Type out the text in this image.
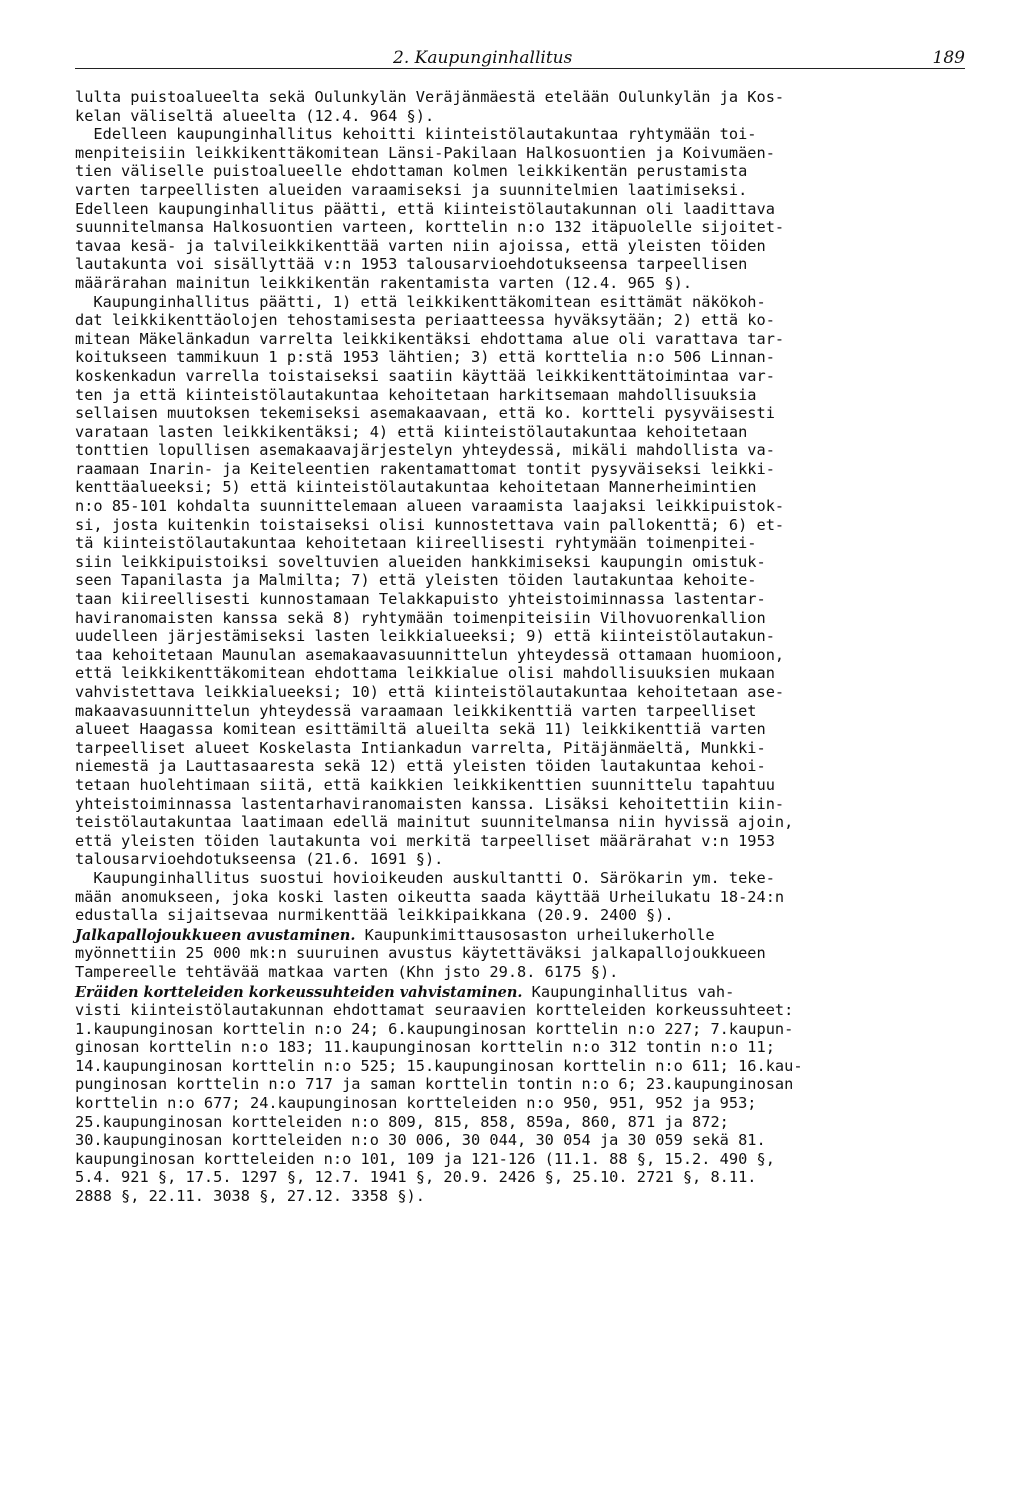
2. Kaupunginhallitus	189
lulta puistoalueelta sekä Oulunkylän Veräjänmäestä etelään Oulunkylän ja Kos-
kelan väliseltä alueelta (12.4. 964 §).
Edelleen kaupunginhallitus kehoitti kiinteistölautakuntaa ryhtymään toi-
menpiteisiin leikkikenttäkomitean Länsi-Pakilaan Halkosuontien ja Koivumäen-
tien väliselle puistoalueelle ehdottaman kolmen leikkikentän perustamista
varten tarpeellisten alueiden varaamiseksi ja suunnitelmien laatimiseksi.
Edelleen kaupunginhallitus päätti, että kiinteistölautakunnan oli laadittava
suunnitelmansa Halkosuontien varteen, korttelin n:o 132 itäpuolelle sijoitet-
tavaa kesä- ja talvileikkikenttää varten niin ajoissa, että yleisten töiden
lautakunta voi sisällyttää v:n 1953 talousarvioehdotukseensa tarpeellisen
määrärahan mainitun leikkikentän rakentamista varten (12.4. 965 §).
Kaupunginhallitus päätti, 1) että leikkikenttäkomitean esittämät näkökoh-
dat leikkikenttäolojen tehostamisesta periaatteessa hyväksytään; 2) että ko-
mitean Mäkelänkadun varrelta leikkikentäksi ehdottama alue oli varattava tar-
koitukseen tammikuun 1 p:stä 1953 lähtien; 3) että korttelia n:o 506 Linnan-
koskenkadun varrella toistaiseksi saatiin käyttää leikkikenttätoimintaa var-
ten ja että kiinteistölautakuntaa kehoitetaan harkitsemaan mahdollisuuksia
sellaisen muutoksen tekemiseksi asemakaavaan, että ko. kortteli pysyväisesti
varataan lasten leikkikentäksi; 4) että kiinteistölautakuntaa kehoitetaan
tonttien lopullisen asemakaavajärjestelyn yhteydessä, mikäli mahdollista va-
raamaan Inarin- ja Keiteleentien rakentamattomat tontit pysyväiseksi leikki-
kenttäalueeksi; 5) että kiinteistölautakuntaa kehoitetaan Mannerheimintien
n:o 85-101 kohdalta suunnittelemaan alueen varaamista laajaksi leikkipuistok-
si, josta kuitenkin toistaiseksi olisi kunnostettava vain pallokenttä; 6) et-
tä kiinteistölautakuntaa kehoitetaan kiireellisesti ryhtymään toimenpitei-
siin leikkipuistoiksi soveltuvien alueiden hankkimiseksi kaupungin omistuk-
seen Tapanilasta ja Malmilta; 7) että yleisten töiden lautakuntaa kehoite-
taan kiireellisesti kunnostamaan Telakkapuisto yhteistoiminnassa lastentar-
haviranomaisten kanssa sekä 8) ryhtymään toimenpiteisiin Vilhovuorenkallion
uudelleen järjestämiseksi lasten leikkialueeksi; 9) että kiinteistölautakun-
taa kehoitetaan Maunulan asemakaavasuunnittelun yhteydessä ottamaan huomioon,
että leikkikenttäkomitean ehdottama leikkialue olisi mahdollisuuksien mukaan
vahvistettava leikkialueeksi; 10) että kiinteistölautakuntaa kehoitetaan ase-
makaavasuunnittelun yhteydessä varaamaan leikkikenttiä varten tarpeelliset
alueet Haagassa komitean esittämiltä alueilta sekä 11) leikkikenttiä varten
tarpeelliset alueet Koskelasta Intiankadun varrelta, Pitäjänmäeltä, Munkki-
niemestä ja Lauttasaaresta sekä 12) että yleisten töiden lautakuntaa kehoi-
tetaan huolehtimaan siitä, että kaikkien leikkikenttien suunnittelu tapahtuu
yhteistoiminnassa lastentarhaviranomaisten kanssa. Lisäksi kehoitettiin kiin-
teistölautakuntaa laatimaan edellä mainitut suunnitelmansa niin hyvissä ajoin,
että yleisten töiden lautakunta voi merkitä tarpeelliset määrärahat v:n 1953
talousarvioehdotukseensa (21.6. 1691 §).
Kaupunginhallitus suostui hovioikeuden auskultantti O. Särökarin ym. teke-
mään anomukseen, joka koski lasten oikeutta saada käyttää Urheilukatu 18-24:n
edustalla sijaitsevaa nurmikenttää leikkipaikkana (20.9. 2400 §).
Jalkapallojoukkueen avustaminen. Kaupunkimittausosaston urheilukerholle
myönnettiin 25 000 mk:n suuruinen avustus käytettäväksi jalkapallojoukkueen
Tampereelle tehtävää matkaa varten (Khn jsto 29.8. 6175 §).
Eräiden kortteleiden korkeussuhteiden vahvistaminen. Kaupunginhallitus vah-
visti kiinteistölautakunnan ehdottamat seuraavien kortteleiden korkeussuhteet:
1.kaupunginosan korttelin n:o 24; 6.kaupunginosan korttelin n:o 227; 7.kaupun-
ginosan korttelin n:o 183; 11.kaupunginosan korttelin n:o 312 tontin n:o 11;
14.kaupunginosan korttelin n:o 525; 15.kaupunginosan korttelin n:o 611; 16.kau-
punginosan korttelin n:o 717 ja saman korttelin tontin n:o 6; 23.kaupunginosan
korttelin n:o 677; 24.kaupunginosan kortteleiden n:o 950, 951, 952 ja 953;
25.kaupunginosan kortteleiden n:o 809, 815, 858, 859a, 860, 871 ja 872;
30.kaupunginosan kortteleiden n:o 30 006, 30 044, 30 054 ja 30 059 sekä 81.
kaupunginosan kortteleiden n:o 101, 109 ja 121-126 (11.1. 88 §, 15.2. 490 §,
5.4. 921 §, 17.5. 1297 §, 12.7. 1941 §, 20.9. 2426 §, 25.10. 2721 §, 8.11.
2888 §, 22.11. 3038 §, 27.12. 3358 §).
